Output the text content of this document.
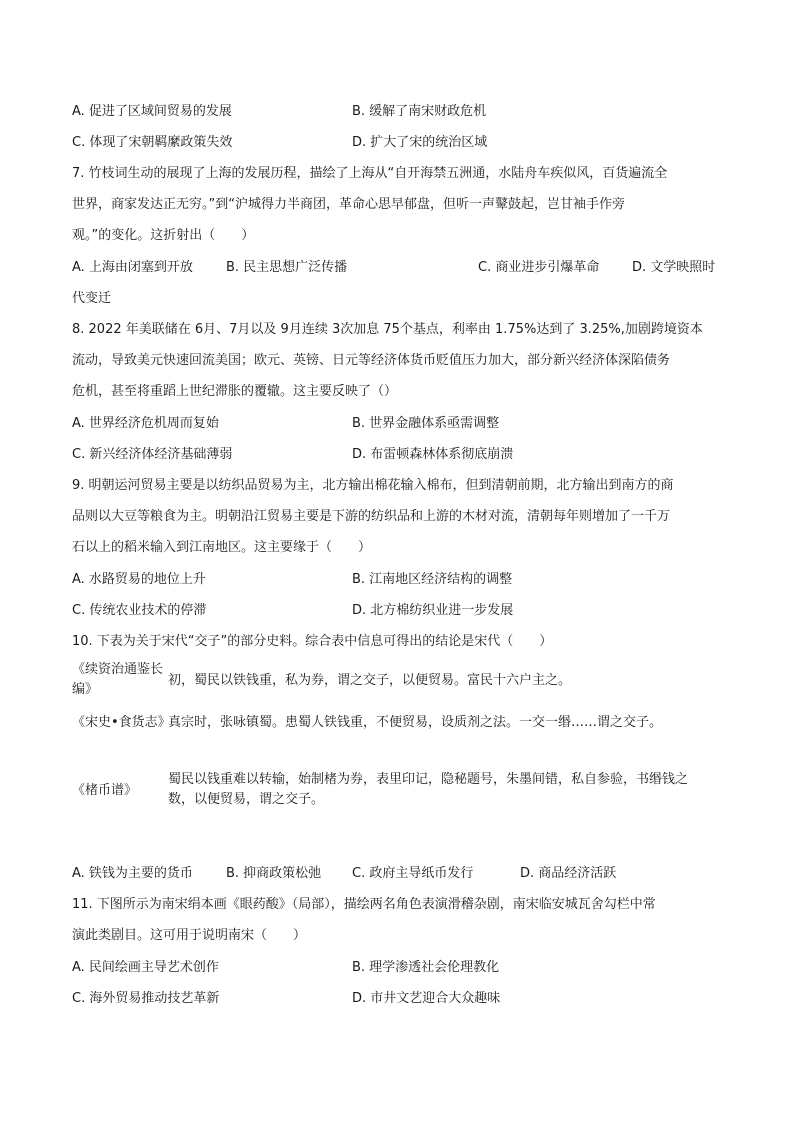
A. 促进了区域间贸易的发展	B. 缓解了南宋财政危机
C. 体现了宋朝羁縻政策失效	D. 扩大了宋的统治区域
7. 竹枝词生动的展现了上海的发展历程，描绘了上海从“自开海禁五洲通，水陆舟车疾似风，百货遍流全
世界，商家发达正无穷。”到“沪城得力半商团，革命心思早郁盘，但听一声鼙鼓起，岂甘袖手作旁
观。”的变化。这折射出（　　）
A. 上海由闭塞到开放	B. 民主思想广泛传播	C. 商业进步引爆革命	D. 文学映照时
代变迁
8. 2022 年美联储在 6月、7月以及 9月连续 3次加息 75个基点，利率由 1.75%达到了 3.25%,加剧跨境资本
流动，导致美元快速回流美国；欧元、英镑、日元等经济体货币贬值压力加大，部分新兴经济体深陷债务
危机，甚至将重蹈上世纪滞胀的覆辙。这主要反映了（）
A. 世界经济危机周而复始	B. 世界金融体系亟需调整
C. 新兴经济体经济基础薄弱	D. 布雷顿森林体系彻底崩溃
9. 明朝运河贸易主要是以纺织品贸易为主，北方输出棉花输入棉布，但到清朝前期，北方输出到南方的商
品则以大豆等粮食为主。明朝沿江贸易主要是下游的纺织品和上游的木材对流，清朝每年则增加了一千万
石以上的稻米输入到江南地区。这主要缘于（　　）
A. 水路贸易的地位上升	B. 江南地区经济结构的调整
C. 传统农业技术的停滞	D. 北方棉纺织业进一步发展
10. 下表为关于宋代“交子”的部分史料。综合表中信息可得出的结论是宋代（　　）
《续资治通鉴长编》
初，蜀民以铁钱重，私为券，谓之交子，以便贸易。富民十六户主之。
《宋史•食货志》
真宗时，张咏镇蜀。患蜀人铁钱重，不便贸易，设质剂之法。一交一缗……谓之交子。
《楮币谱》
蜀民以钱重难以转输，始制楮为券，表里印记，隐秘题号，朱墨间错，私自参验，书缗钱之数，以便贸易，谓之交子。
A. 铁钱为主要的货币	B. 抑商政策松弛 C. 政府主导纸币发行	D. 商品经济活跃
11. 下图所示为南宋绢本画《眼药酸》（局部），描绘两名角色表演滑稽杂剧，南宋临安城瓦舍勾栏中常
演此类剧目。这可用于说明南宋（　　）
A. 民间绘画主导艺术创作	B. 理学渗透社会伦理教化
C. 海外贸易推动技艺革新	D. 市井文艺迎合大众趣味
